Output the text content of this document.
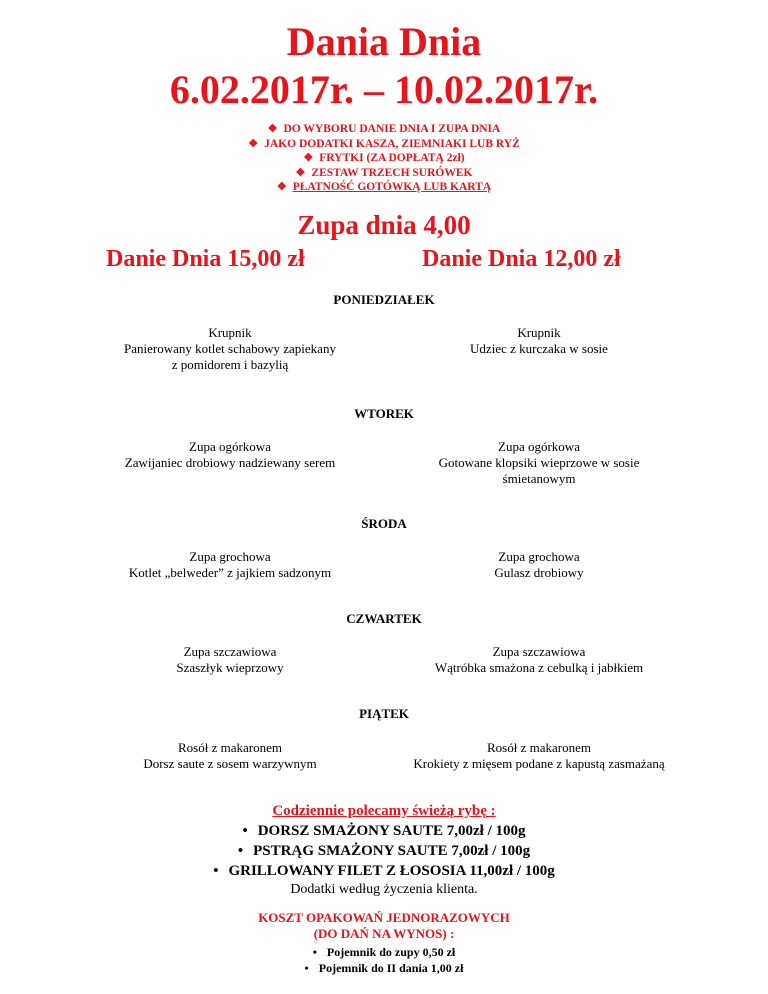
Dania Dnia
6.02.2017r. – 10.02.2017r.
❖ DO WYBORU DANIE DNIA I ZUPA DNIA
❖ JAKO DODATKI KASZA, ZIEMNIAKI LUB RYŻ
❖ FRYTKI (ZA DOPŁATĄ 2zł)
❖ ZESTAW TRZECH SURÓWEK
❖ PŁATNOŚĆ GOTÓWKĄ LUB KARTĄ
Zupa dnia 4,00
Danie Dnia 15,00 zł	Danie Dnia 12,00 zł
PONIEDZIAŁEK
Krupnik
Panierowany kotlet schabowy zapiekany
z pomidorem i bazylią
Krupnik
Udziec z kurczaka w sosie
WTOREK
Zupa ogórkowa
Zawijaniec drobiowy nadziewany serem
Zupa ogórkowa
Gotowane klopsiki wieprzowe w sosie
śmietanowym
ŚRODA
Zupa grochowa
Kotlet „belweder” z jajkiem sadzonym
Zupa grochowa
Gulasz drobiowy
CZWARTEK
Zupa szczawiowa
Szaszłyk wieprzowy
Zupa szczawiowa
Wątróbka smażona z cebulką i jabłkiem
PIĄTEK
Rosół z makaronem
Dorsz saute z sosem warzywnym
Rosół z makaronem
Krokiety z mięsem podane z kapustą zasmażaną
Codziennie polecamy świeżą rybę :
• DORSZ SMAŻONY SAUTE 7,00zł / 100g
• PSTRĄG SMAŻONY SAUTE 7,00zł / 100g
• GRILLOWANY FILET Z ŁOSOSIA 11,00zł / 100g
Dodatki według życzenia klienta.
KOSZT OPAKOWAŃ JEDNORAZOWYCH
(DO DAŃ NA WYNOS) :
• Pojemnik do zupy 0,50 zł
• Pojemnik do II dania 1,00 zł
